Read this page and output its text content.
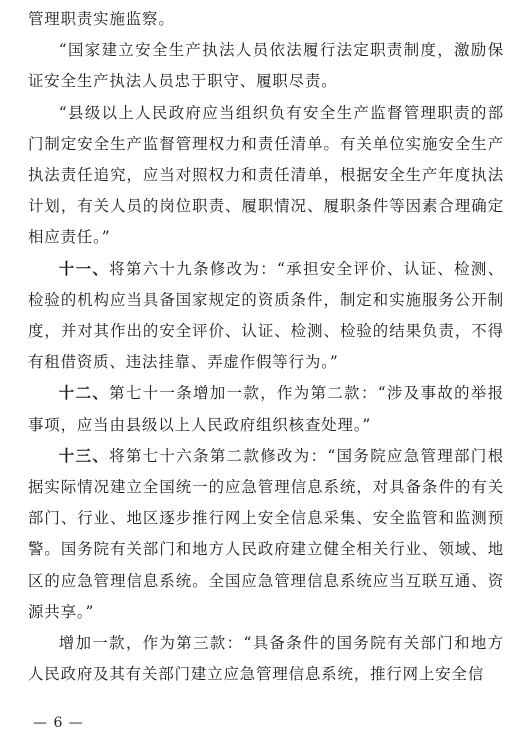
管理职责实施监察。

“国家建立安全生产执法人员依法履行法定职责制度，激励保证安全生产执法人员忠于职守、履职尽责。

“县级以上人民政府应当组织负有安全生产监督管理职责的部门制定安全生产监督管理权力和责任清单。有关单位实施安全生产执法责任追究，应当对照权力和责任清单，根据安全生产年度执法计划，有关人员的岗位职责、履职情况、履职条件等因素合理确定相应责任。”

十一、将第六十九条修改为：“承担安全评价、认证、检测、检验的机构应当具备国家规定的资质条件，制定和实施服务公开制度，并对其作出的安全评价、认证、检测、检验的结果负责，不得有租借资质、违法挂靠、弄虚作假等行为。”

十二、第七十一条增加一款，作为第二款：“涉及事故的举报事项，应当由县级以上人民政府组织核查处理。”

十三、将第七十六条第二款修改为：“国务院应急管理部门根据实际情况建立全国统一的应急管理信息系统，对具备条件的有关部门、行业、地区逐步推行网上安全信息采集、安全监管和监测预警。国务院有关部门和地方人民政府建立健全相关行业、领域、地区的应急管理信息系统。全国应急管理信息系统应当互联互通、资源共享。”

增加一款，作为第三款：“具备条件的国务院有关部门和地方人民政府及其有关部门建立应急管理信息系统，推行网上安全信

— 6 —
